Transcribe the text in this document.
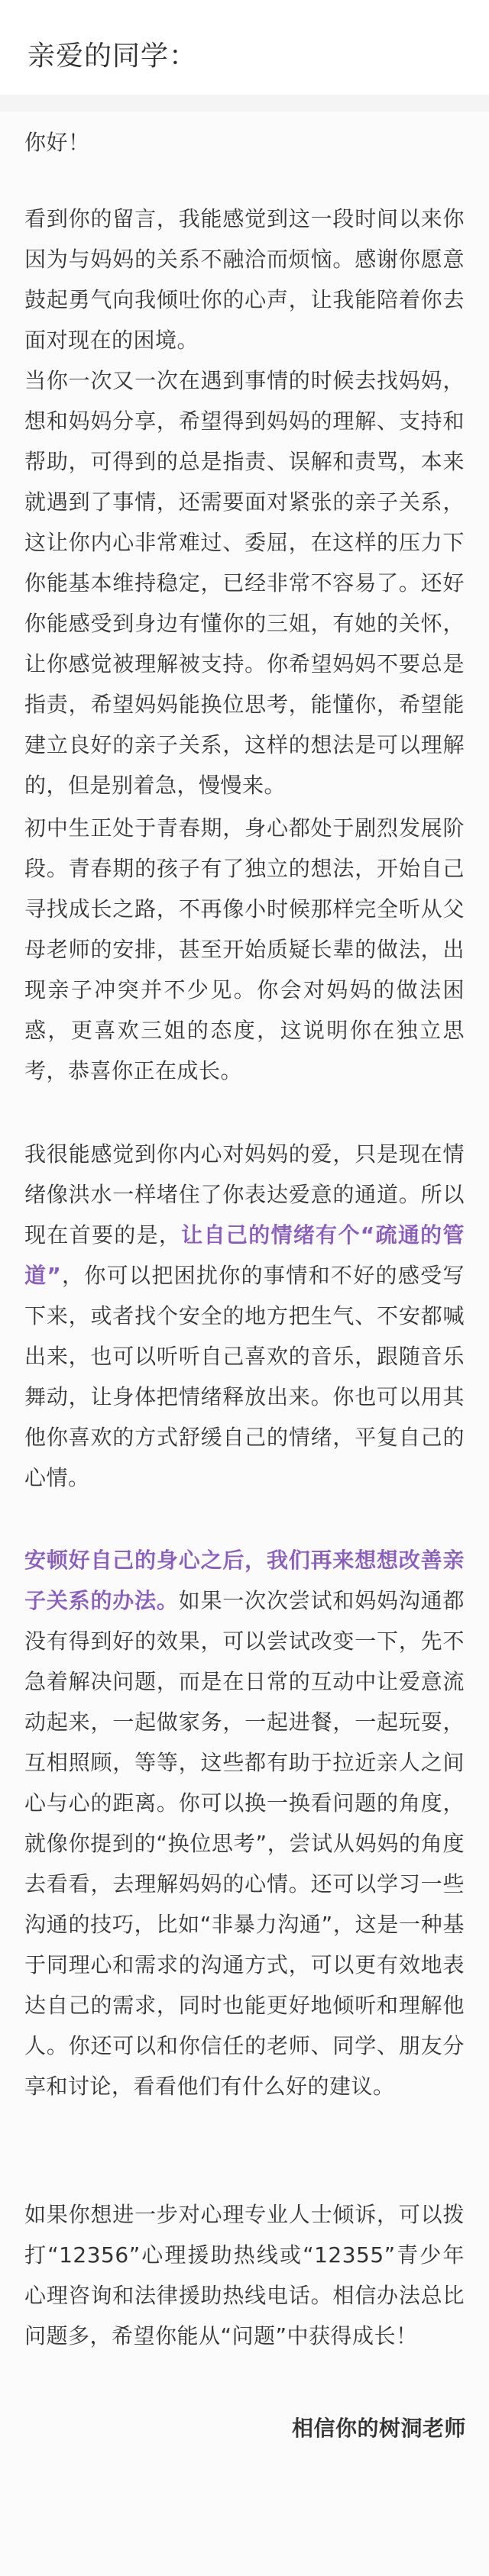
亲爱的同学：

你好！

看到你的留言，我能感觉到这一段时间以来你因为与妈妈的关系不融洽而烦恼。感谢你愿意鼓起勇气向我倾吐你的心声，让我能陪着你去面对现在的困境。

当你一次又一次在遇到事情的时候去找妈妈，想和妈妈分享，希望得到妈妈的理解、支持和帮助，可得到的总是指责、误解和责骂，本来就遇到了事情，还需要面对紧张的亲子关系，这让你内心非常难过、委屈，在这样的压力下你能基本维持稳定，已经非常不容易了。还好你能感受到身边有懂你的三姐，有她的关怀，让你感觉被理解被支持。你希望妈妈不要总是指责，希望妈妈能换位思考，能懂你，希望能建立良好的亲子关系，这样的想法是可以理解的，但是别着急，慢慢来。

初中生正处于青春期，身心都处于剧烈发展阶段。青春期的孩子有了独立的想法，开始自己寻找成长之路，不再像小时候那样完全听从父母老师的安排，甚至开始质疑长辈的做法，出现亲子冲突并不少见。你会对妈妈的做法困惑，更喜欢三姐的态度，这说明你在独立思考，恭喜你正在成长。

我很能感觉到你内心对妈妈的爱，只是现在情绪像洪水一样堵住了你表达爱意的通道。所以现在首要的是，让自己的情绪有个“疏通的管道”，你可以把困扰你的事情和不好的感受写下来，或者找个安全的地方把生气、不安都喊出来，也可以听听自己喜欢的音乐，跟随音乐舞动，让身体把情绪释放出来。你也可以用其他你喜欢的方式舒缓自己的情绪，平复自己的心情。

安顿好自己的身心之后，我们再来想想改善亲子关系的办法。如果一次次尝试和妈妈沟通都没有得到好的效果，可以尝试改变一下，先不急着解决问题，而是在日常的互动中让爱意流动起来，一起做家务，一起进餐，一起玩耍，互相照顾，等等，这些都有助于拉近亲人之间心与心的距离。你可以换一换看问题的角度，就像你提到的“换位思考”，尝试从妈妈的角度去看看，去理解妈妈的心情。还可以学习一些沟通的技巧，比如“非暴力沟通”，这是一种基于同理心和需求的沟通方式，可以更有效地表达自己的需求，同时也能更好地倾听和理解他人。你还可以和你信任的老师、同学、朋友分享和讨论，看看他们有什么好的建议。

如果你想进一步对心理专业人士倾诉，可以拨打“12356”心理援助热线或“12355”青少年心理咨询和法律援助热线电话。相信办法总比问题多，希望你能从“问题”中获得成长！

相信你的树洞老师
